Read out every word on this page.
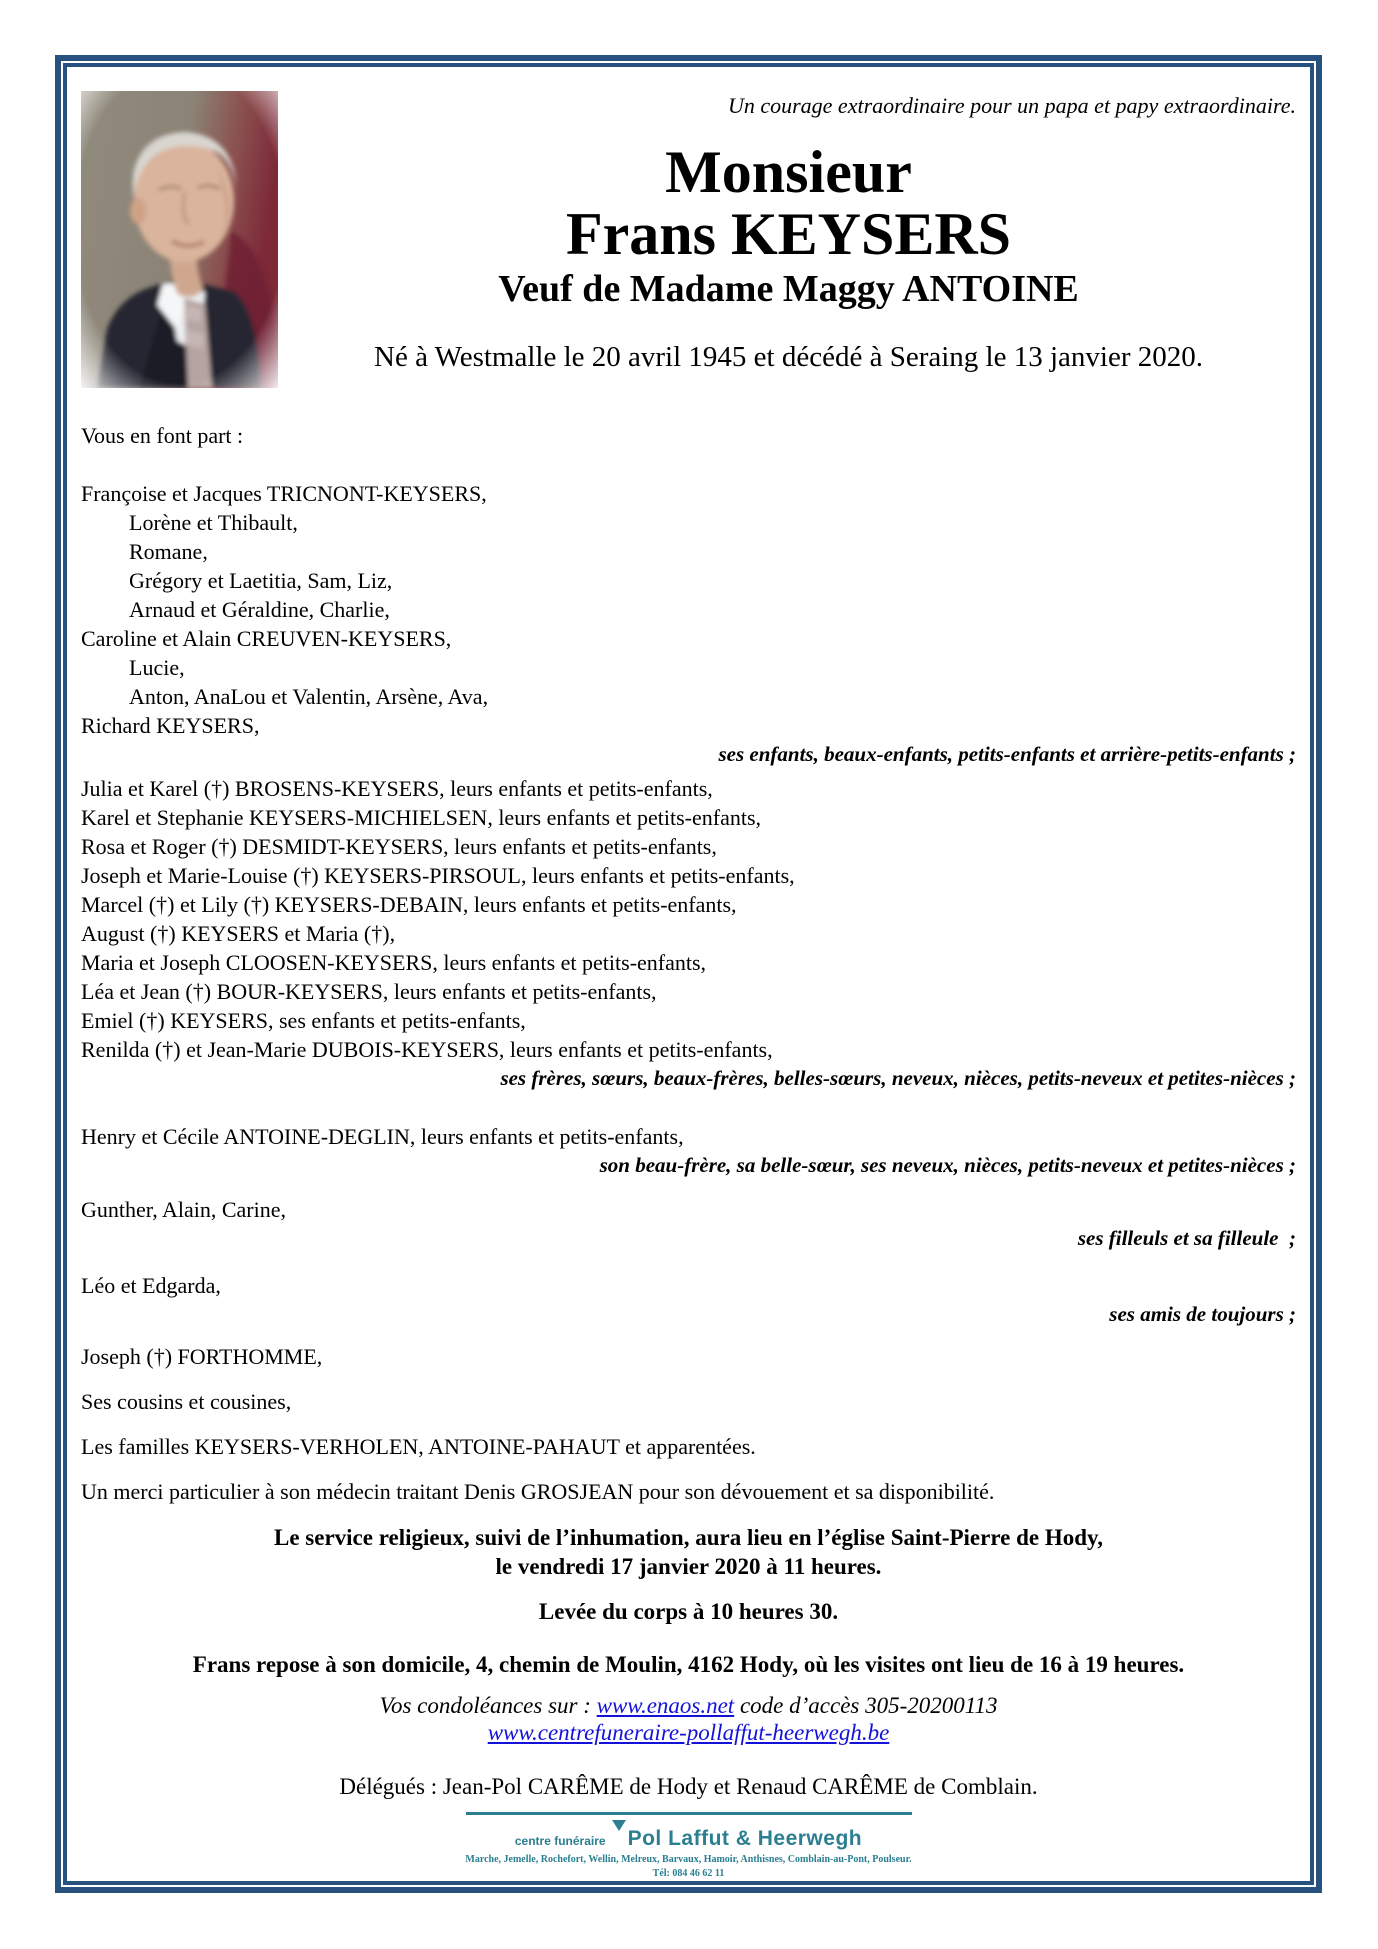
Un courage extraordinaire pour un papa et papy extraordinaire.

Monsieur
Frans KEYSERS
Veuf de Madame Maggy ANTOINE

Né à Westmalle le 20 avril 1945 et décédé à Seraing le 13 janvier 2020.

Vous en font part :

Françoise et Jacques TRICNONT-KEYSERS,

Lorène et Thibault,

Romane,

Grégory et Laetitia, Sam, Liz,

Arnaud et Géraldine, Charlie,

Caroline et Alain CREUVEN-KEYSERS,

Lucie,

Anton, AnaLou et Valentin, Arsène, Ava,

Richard KEYSERS,

ses enfants, beaux-enfants, petits-enfants et arrière-petits-enfants ;

Julia et Karel (†) BROSENS-KEYSERS, leurs enfants et petits-enfants,

Karel et Stephanie KEYSERS-MICHIELSEN, leurs enfants et petits-enfants,

Rosa et Roger (†) DESMIDT-KEYSERS, leurs enfants et petits-enfants,

Joseph et Marie-Louise (†) KEYSERS-PIRSOUL, leurs enfants et petits-enfants,

Marcel (†) et Lily (†) KEYSERS-DEBAIN, leurs enfants et petits-enfants,

August (†) KEYSERS et Maria (†),

Maria et Joseph CLOOSEN-KEYSERS, leurs enfants et petits-enfants,

Léa et Jean (†) BOUR-KEYSERS, leurs enfants et petits-enfants,

Emiel (†) KEYSERS, ses enfants et petits-enfants,

Renilda (†) et Jean-Marie DUBOIS-KEYSERS, leurs enfants et petits-enfants,

ses frères, sœurs, beaux-frères, belles-sœurs, neveux, nièces, petits-neveux et petites-nièces ;

Henry et Cécile ANTOINE-DEGLIN, leurs enfants et petits-enfants,

son beau-frère, sa belle-sœur, ses neveux, nièces, petits-neveux et petites-nièces ;

Gunther, Alain, Carine,

ses filleuls et sa filleule  ;

Léo et Edgarda,

ses amis de toujours ;

Joseph (†) FORTHOMME,

Ses cousins et cousines,

Les familles KEYSERS-VERHOLEN, ANTOINE-PAHAUT et apparentées.

Un merci particulier à son médecin traitant Denis GROSJEAN pour son dévouement et sa disponibilité.

Le service religieux, suivi de l’inhumation, aura lieu en l’église Saint-Pierre de Hody,

le vendredi 17 janvier 2020 à 11 heures.

Levée du corps à 10 heures 30.

Frans repose à son domicile, 4, chemin de Moulin, 4162 Hody, où les visites ont lieu de 16 à 19 heures.

Vos condoléances sur : www.enaos.net code d’accès 305-20200113

www.centrefuneraire-pollaffut-heerwegh.be

Délégués : Jean-Pol CARÊME de Hody et Renaud CARÊME de Comblain.

centre funéraire Pol Laffut & Heerwegh
Marche, Jemelle, Rochefort, Wellin, Melreux, Barvaux, Hamoir, Anthisnes, Comblain-au-Pont, Poulseur.
Tél: 084 46 62 11
